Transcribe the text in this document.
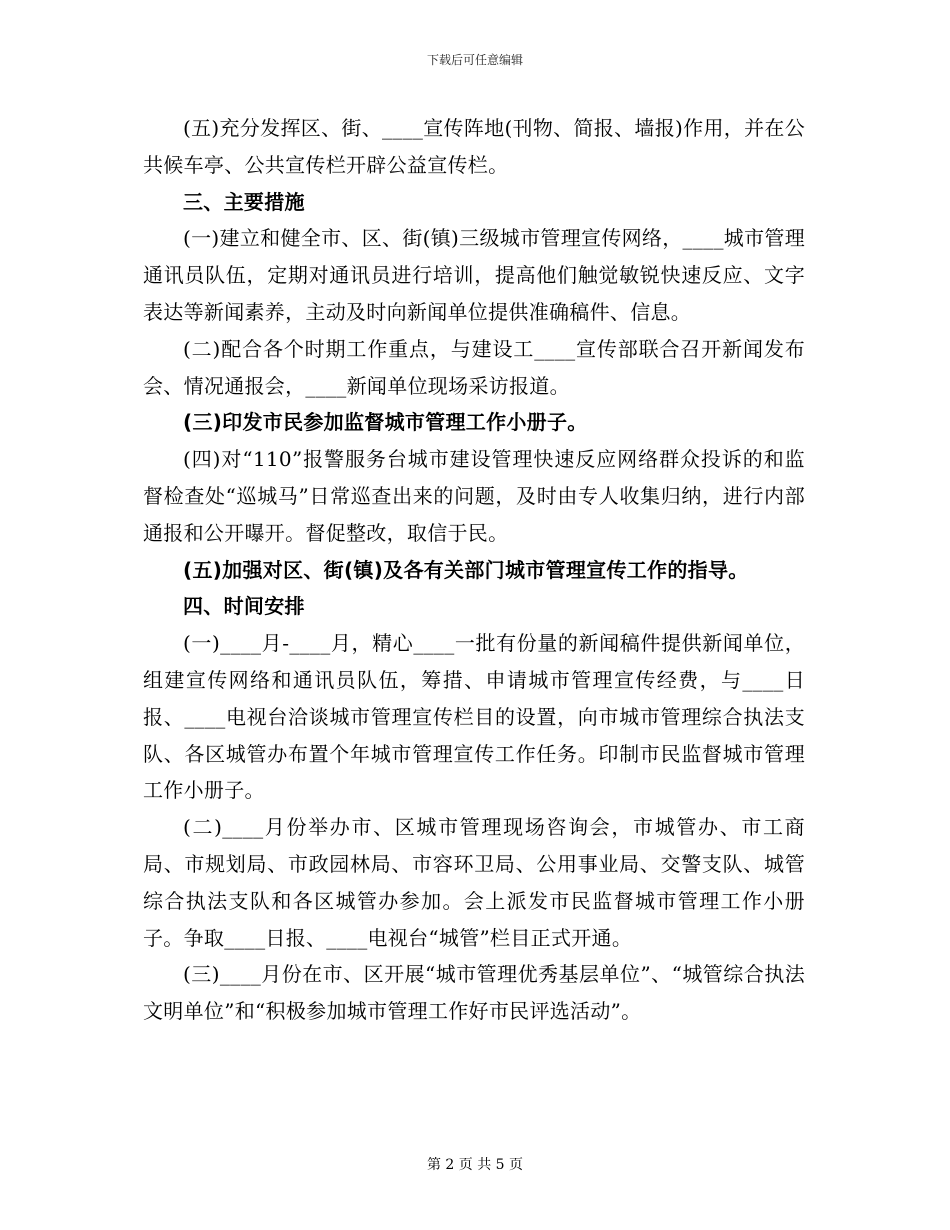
下载后可任意编辑

(五)充分发挥区、街、____宣传阵地(刊物、简报、墙报)作用，并在公共候车亭、公共宣传栏开辟公益宣传栏。

三、主要措施

(一)建立和健全市、区、街(镇)三级城市管理宣传网络，____城市管理通讯员队伍，定期对通讯员进行培训，提高他们触觉敏锐快速反应、文字表达等新闻素养，主动及时向新闻单位提供准确稿件、信息。

(二)配合各个时期工作重点，与建设工____宣传部联合召开新闻发布会、情况通报会，____新闻单位现场采访报道。

(三)印发市民参加监督城市管理工作小册子。

(四)对“110”报警服务台城市建设管理快速反应网络群众投诉的和监督检查处“巡城马”日常巡查出来的问题，及时由专人收集归纳，进行内部通报和公开曝开。督促整改，取信于民。

(五)加强对区、街(镇)及各有关部门城市管理宣传工作的指导。

四、时间安排

(一)____月-____月，精心____一批有份量的新闻稿件提供新闻单位，组建宣传网络和通讯员队伍，筹措、申请城市管理宣传经费，与____日报、____电视台洽谈城市管理宣传栏目的设置，向市城市管理综合执法支队、各区城管办布置个年城市管理宣传工作任务。印制市民监督城市管理工作小册子。

(二)____月份举办市、区城市管理现场咨询会，市城管办、市工商局、市规划局、市政园林局、市容环卫局、公用事业局、交警支队、城管综合执法支队和各区城管办参加。会上派发市民监督城市管理工作小册子。争取____日报、____电视台“城管”栏目正式开通。

(三)____月份在市、区开展“城市管理优秀基层单位”、“城管综合执法文明单位”和“积极参加城市管理工作好市民评选活动”。

第 2 页 共 5 页
